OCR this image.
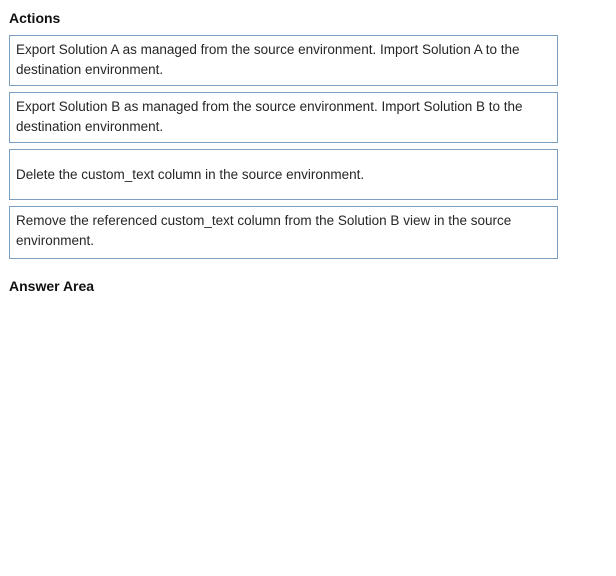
Actions
Export Solution A as managed from the source environment. Import Solution A to the destination environment.
Export Solution B as managed from the source environment. Import Solution B to the destination environment.
Delete the custom_text column in the source environment.
Remove the referenced custom_text column from the Solution B view in the source environment.
Answer Area
